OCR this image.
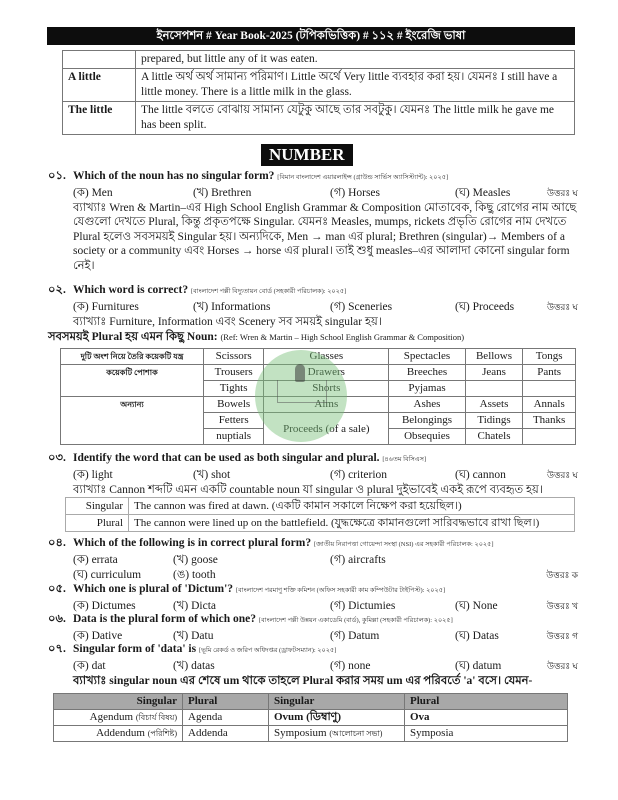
ইনসেপশন # Year Book-2025 (টপিকভিত্তিক) # ১১২ # ইংরেজি ভাষা
	prepared, but little any of it was eaten.
A little	A little অর্থ অর্থ সামান্য পরিমাণ। Little অর্থে Very little ব্যবহার করা হয়। যেমনঃ I still have a little money. There is a little milk in the glass.
The little	The little বলতে বোঝায় সামান্য যেটুকু আছে তার সবটুকু। যেমনঃ The little milk he gave me has been split.
NUMBER
০১. Which of the noun has no singular form? [বিমান বাংলাদেশ এয়ারলাইন্স (গ্রাউন্ড সার্ভিস অ্যাসিস্ট্যান্ট): ২০২৫]
(ক) Men	(খ) Brethren	(গ) Horses	(ঘ) Measles	উত্তরঃ ঘ
ব্যাখ্যাঃ Wren & Martin–এর High School English Grammar & Composition মোতাবেক, কিছু রোগের নাম আছে যেগুলো দেখতে Plural, কিন্তু প্রকৃতপক্ষে Singular. যেমনঃ Measles, mumps, rickets প্রভৃতি রোগের নাম দেখতে Plural হলেও সবসময়ই Singular হয়। অন্যদিকে, Men → man এর plural; Brethren (singular)→ Members of a society or a community এবং Horses → horse এর plural। তাই শুধু measles–এর আলাদা কোনো singular form নেই।
০২. Which word is correct? [বাংলাদেশ পল্লী বিদ্যুতায়ন বোর্ড (সহকারী পরিচালক): ২০২৫]
(ক) Furnitures	(খ) Informations	(গ) Sceneries	(ঘ) Proceeds	উত্তরঃ ঘ
ব্যাখ্যাঃ Furniture, Information এবং Scenery সব সময়ই singular হয়।
সবসময়ই Plural হয় এমন কিছু Noun: (Ref: Wren & Martin – High School English Grammar & Composition)
দুটি অংশ নিয়ে তৈরি কয়েকটি যন্ত্র	Scissors	Glasses	Spectacles	Bellows	Tongs
কয়েকটি পোশাক	Trousers	Drawers	Breeches	Jeans	Pants
	Tights	Shorts	Pyjamas		
অন্যান্য	Bowels	Alms	Ashes	Assets	Annals
	Fetters	Proceeds (of a sale)	Belongings	Tidings	Thanks
	nuptials		Obsequies	Chatels	
০৩. Identify the word that can be used as both singular and plural. [৪৬তম বিসিএস]
(ক) light	(খ) shot	(গ) criterion	(ঘ) cannon	উত্তরঃ ঘ
ব্যাখ্যাঃ Cannon শব্দটি এমন একটি countable noun যা singular ও plural দুইভাবেই একই রূপে ব্যবহৃত হয়।
Singular	The cannon was fired at dawn. (একটি কামান সকালে নিক্ষেপ করা হয়েছিল।)
Plural	The cannon were lined up on the battlefield. (যুদ্ধক্ষেত্রে কামানগুলো সারিবদ্ধভাবে রাখা ছিল।)
০৪. Which of the following is in correct plural form? [জাতীয় নিরাপত্তা গোয়েন্দা সংস্থা (NSI) এর সহকারী পরিচালক: ২০২৫]
(ক) errata	(খ) goose	(গ) aircrafts
(ঘ) curriculum	(ঙ) tooth	উত্তরঃ ক
০৫. Which one is plural of 'Dictum'? [বাংলাদেশ পরমাণু শক্তি কমিশন (অফিস সহকারী কাম কম্পিউটার টাইপিস্ট): ২০২৫]
(ক) Dictumes	(খ) Dicta	(গ) Dictumies	(ঘ) None	উত্তরঃ খ
০৬. Data is the plural form of which one? [বাংলাদেশ পল্লী উন্নয়ন একাডেমি (বার্ড), কুমিল্লা (সহকারী পরিচালক): ২০২৫]
(ক) Dative	(খ) Datu	(গ) Datum	(ঘ) Datas	উত্তরঃ গ
০৭. Singular form of 'data' is [ভূমি রেকর্ড ও জরিপ অধিদপ্তর (ড্রাফটসম্যান): ২০২৫]
(ক) dat	(খ) datas	(গ) none	(ঘ) datum	উত্তরঃ ঘ
ব্যাখ্যাঃ singular noun এর শেষে um থাকে তাহলে Plural করার সময় um এর পরিবর্তে 'a' বসে। যেমন-
Singular	Plural	Singular	Plural
Agendum (বিচার্য বিষয়)	Agenda	Ovum (ডিম্বাণু)	Ova
Addendum (পরিশিষ্ট)	Addenda	Symposium (আলোচনা সভা)	Symposia
